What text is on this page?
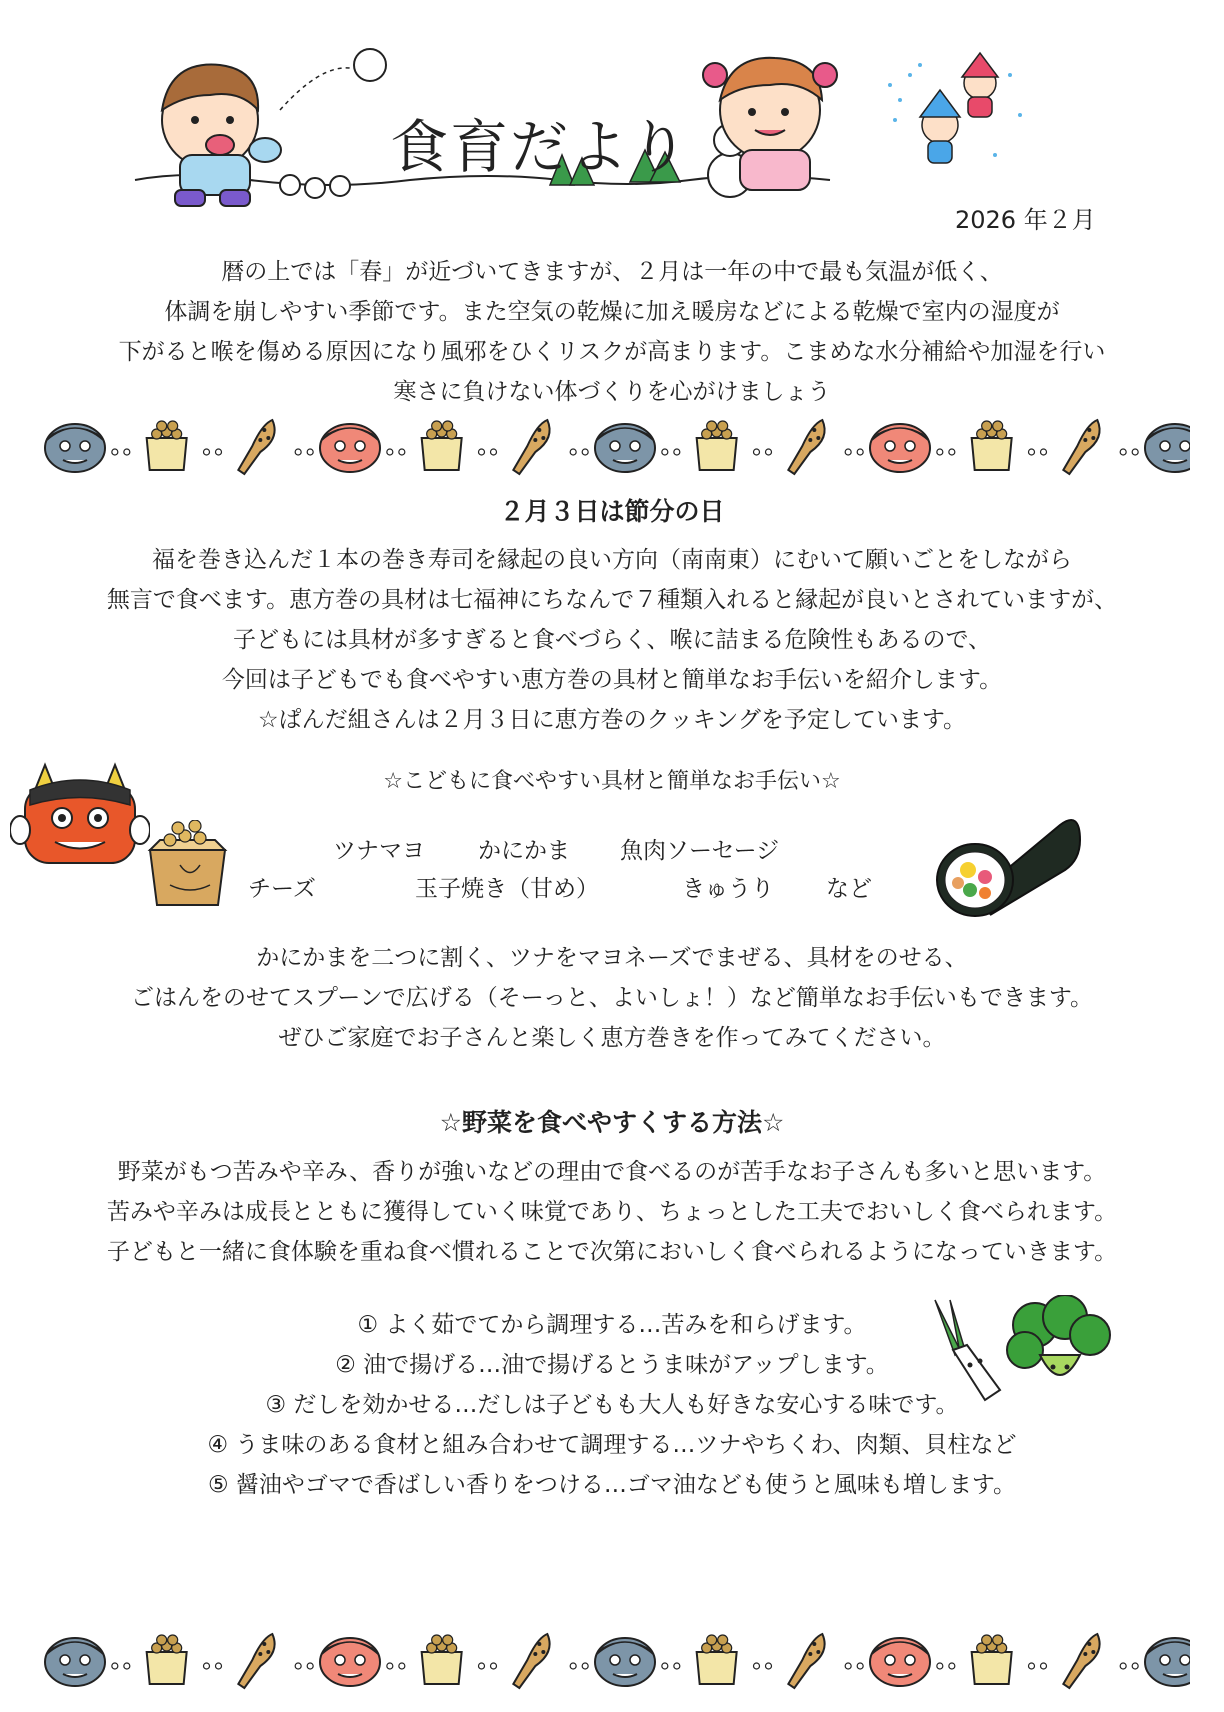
食育だより
2026 年２月
暦の上では「春」が近づいてきますが、２月は一年の中で最も気温が低く、
体調を崩しやすい季節です。また空気の乾燥に加え暖房などによる乾燥で室内の湿度が
下がると喉を傷める原因になり風邪をひくリスクが高まります。こまめな水分補給や加湿を行い
寒さに負けない体づくりを心がけましょう
２月３日は節分の日
福を巻き込んだ１本の巻き寿司を縁起の良い方向（南南東）にむいて願いごとをしながら
無言で食べます。恵方巻の具材は七福神にちなんで７種類入れると縁起が良いとされていますが、
子どもには具材が多すぎると食べづらく、喉に詰まる危険性もあるので、
今回は子どもでも食べやすい恵方巻の具材と簡単なお手伝いを紹介します。
☆ぱんだ組さんは２月３日に恵方巻のクッキングを予定しています。
☆こどもに食べやすい具材と簡単なお手伝い☆
ツナマヨ かにかま 魚肉ソーセージ
チーズ	玉子焼き（甘め）	きゅうり など
かにかまを二つに割く、ツナをマヨネーズでまぜる、具材をのせる、
ごはんをのせてスプーンで広げる（そーっと、よいしょ！）など簡単なお手伝いもできます。
ぜひご家庭でお子さんと楽しく恵方巻きを作ってみてください。
☆野菜を食べやすくする方法☆
野菜がもつ苦みや辛み、香りが強いなどの理由で食べるのが苦手なお子さんも多いと思います。
苦みや辛みは成長とともに獲得していく味覚であり、ちょっとした工夫でおいしく食べられます。
子どもと一緒に食体験を重ね食べ慣れることで次第においしく食べられるようになっていきます。
① よく茹でてから調理する…苦みを和らげます。
② 油で揚げる…油で揚げるとうま味がアップします。
③ だしを効かせる…だしは子どもも大人も好きな安心する味です。
④ うま味のある食材と組み合わせて調理する…ツナやちくわ、肉類、貝柱など
⑤ 醤油やゴマで香ばしい香りをつける…ゴマ油なども使うと風味も増します。
